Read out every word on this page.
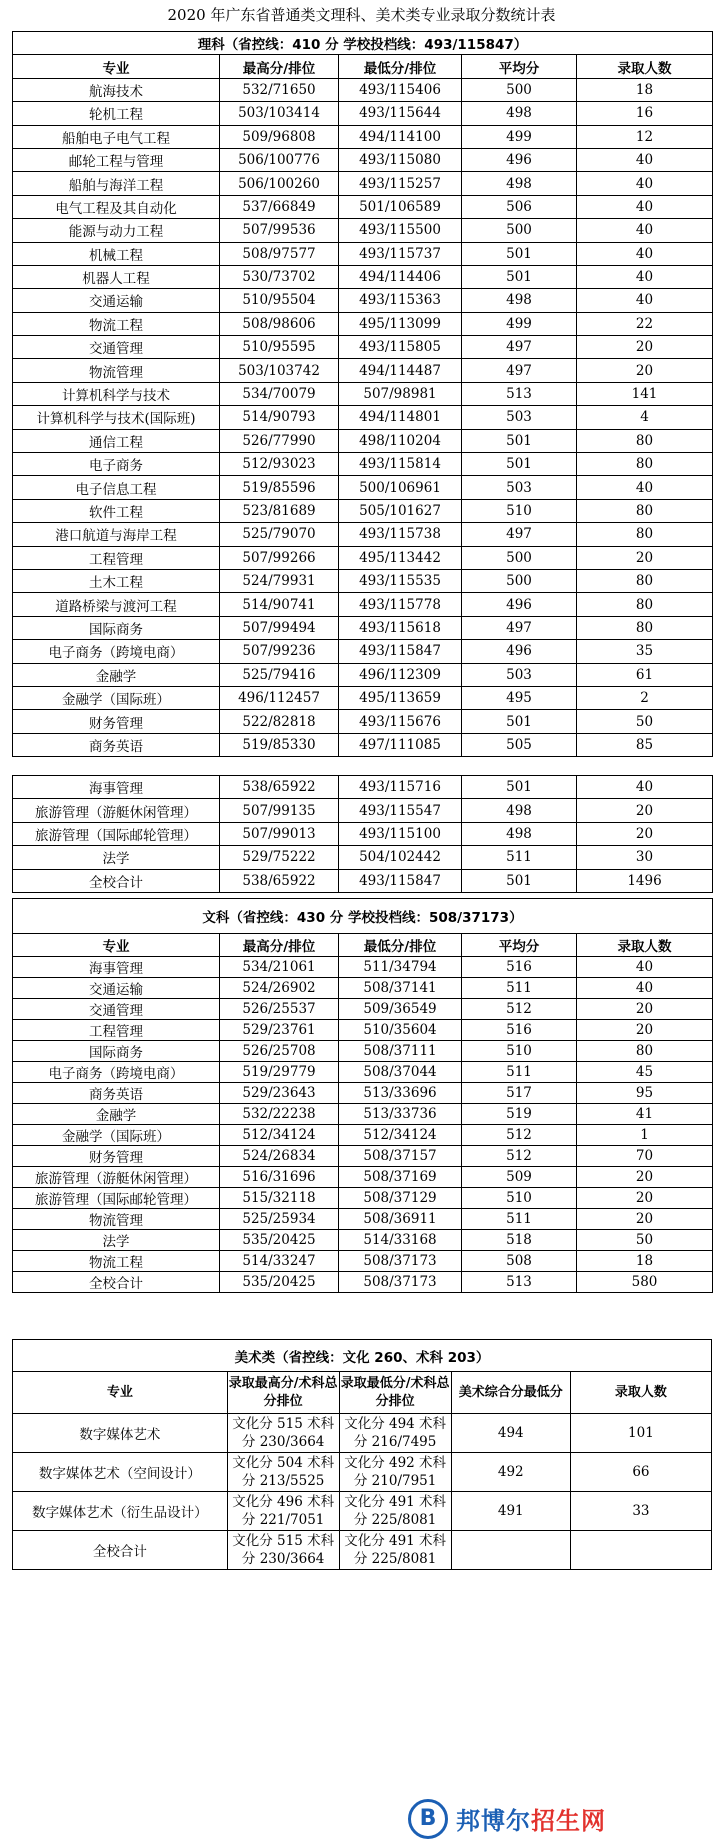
2020 年广东省普通类文理科、美术类专业录取分数统计表
理科（省控线：410 分 学校投档线：493/115847）				
专业	最高分/排位	最低分/排位	平均分	录取人数
航海技术	532/71650	493/115406	500	18
轮机工程	503/103414	493/115644	498	16
船舶电子电气工程	509/96808	494/114100	499	12
邮轮工程与管理	506/100776	493/115080	496	40
船舶与海洋工程	506/100260	493/115257	498	40
电气工程及其自动化	537/66849	501/106589	506	40
能源与动力工程	507/99536	493/115500	500	40
机械工程	508/97577	493/115737	501	40
机器人工程	530/73702	494/114406	501	40
交通运输	510/95504	493/115363	498	40
物流工程	508/98606	495/113099	499	22
交通管理	510/95595	493/115805	497	20
物流管理	503/103742	494/114487	497	20
计算机科学与技术	534/70079	507/98981	513	141
计算机科学与技术(国际班)	514/90793	494/114801	503	4
通信工程	526/77990	498/110204	501	80
电子商务	512/93023	493/115814	501	80
电子信息工程	519/85596	500/106961	503	40
软件工程	523/81689	505/101627	510	80
港口航道与海岸工程	525/79070	493/115738	497	80
工程管理	507/99266	495/113442	500	20
土木工程	524/79931	493/115535	500	80
道路桥梁与渡河工程	514/90741	493/115778	496	80
国际商务	507/99494	493/115618	497	80
电子商务（跨境电商）	507/99236	493/115847	496	35
金融学	525/79416	496/112309	503	61
金融学（国际班）	496/112457	495/113659	495	2
财务管理	522/82818	493/115676	501	50
商务英语	519/85330	497/111085	505	85
海事管理	538/65922	493/115716	501	40
旅游管理（游艇休闲管理）	507/99135	493/115547	498	20
旅游管理（国际邮轮管理）	507/99013	493/115100	498	20
法学	529/75222	504/102442	511	30
全校合计	538/65922	493/115847	501	1496
文科（省控线：430 分 学校投档线：508/37173）				
专业	最高分/排位	最低分/排位	平均分	录取人数
海事管理	534/21061	511/34794	516	40
交通运输	524/26902	508/37141	511	40
交通管理	526/25537	509/36549	512	20
工程管理	529/23761	510/35604	516	20
国际商务	526/25708	508/37111	510	80
电子商务（跨境电商）	519/29779	508/37044	511	45
商务英语	529/23643	513/33696	517	95
金融学	532/22238	513/33736	519	41
金融学（国际班）	512/34124	512/34124	512	1
财务管理	524/26834	508/37157	512	70
旅游管理（游艇休闲管理）	516/31696	508/37169	509	20
旅游管理（国际邮轮管理）	515/32118	508/37129	510	20
物流管理	525/25934	508/36911	511	20
法学	535/20425	514/33168	518	50
物流工程	514/33247	508/37173	508	18
全校合计	535/20425	508/37173	513	580
美术类（省控线：文化 260、术科 203）				
专业	录取最高分/术科总分排位	录取最低分/术科总分排位	美术综合分最低分	录取人数
数字媒体艺术	文化分 515 术科分 230/3664	文化分 494 术科分 216/7495	494	101
数字媒体艺术（空间设计）	文化分 504 术科分 213/5525	文化分 492 术科分 210/7951	492	66
数字媒体艺术（衍生品设计）	文化分 496 术科分 221/7051	文化分 491 术科分 225/8081	491	33
全校合计	文化分 515 术科分 230/3664	文化分 491 术科分 225/8081		
B 邦博尔招生网
